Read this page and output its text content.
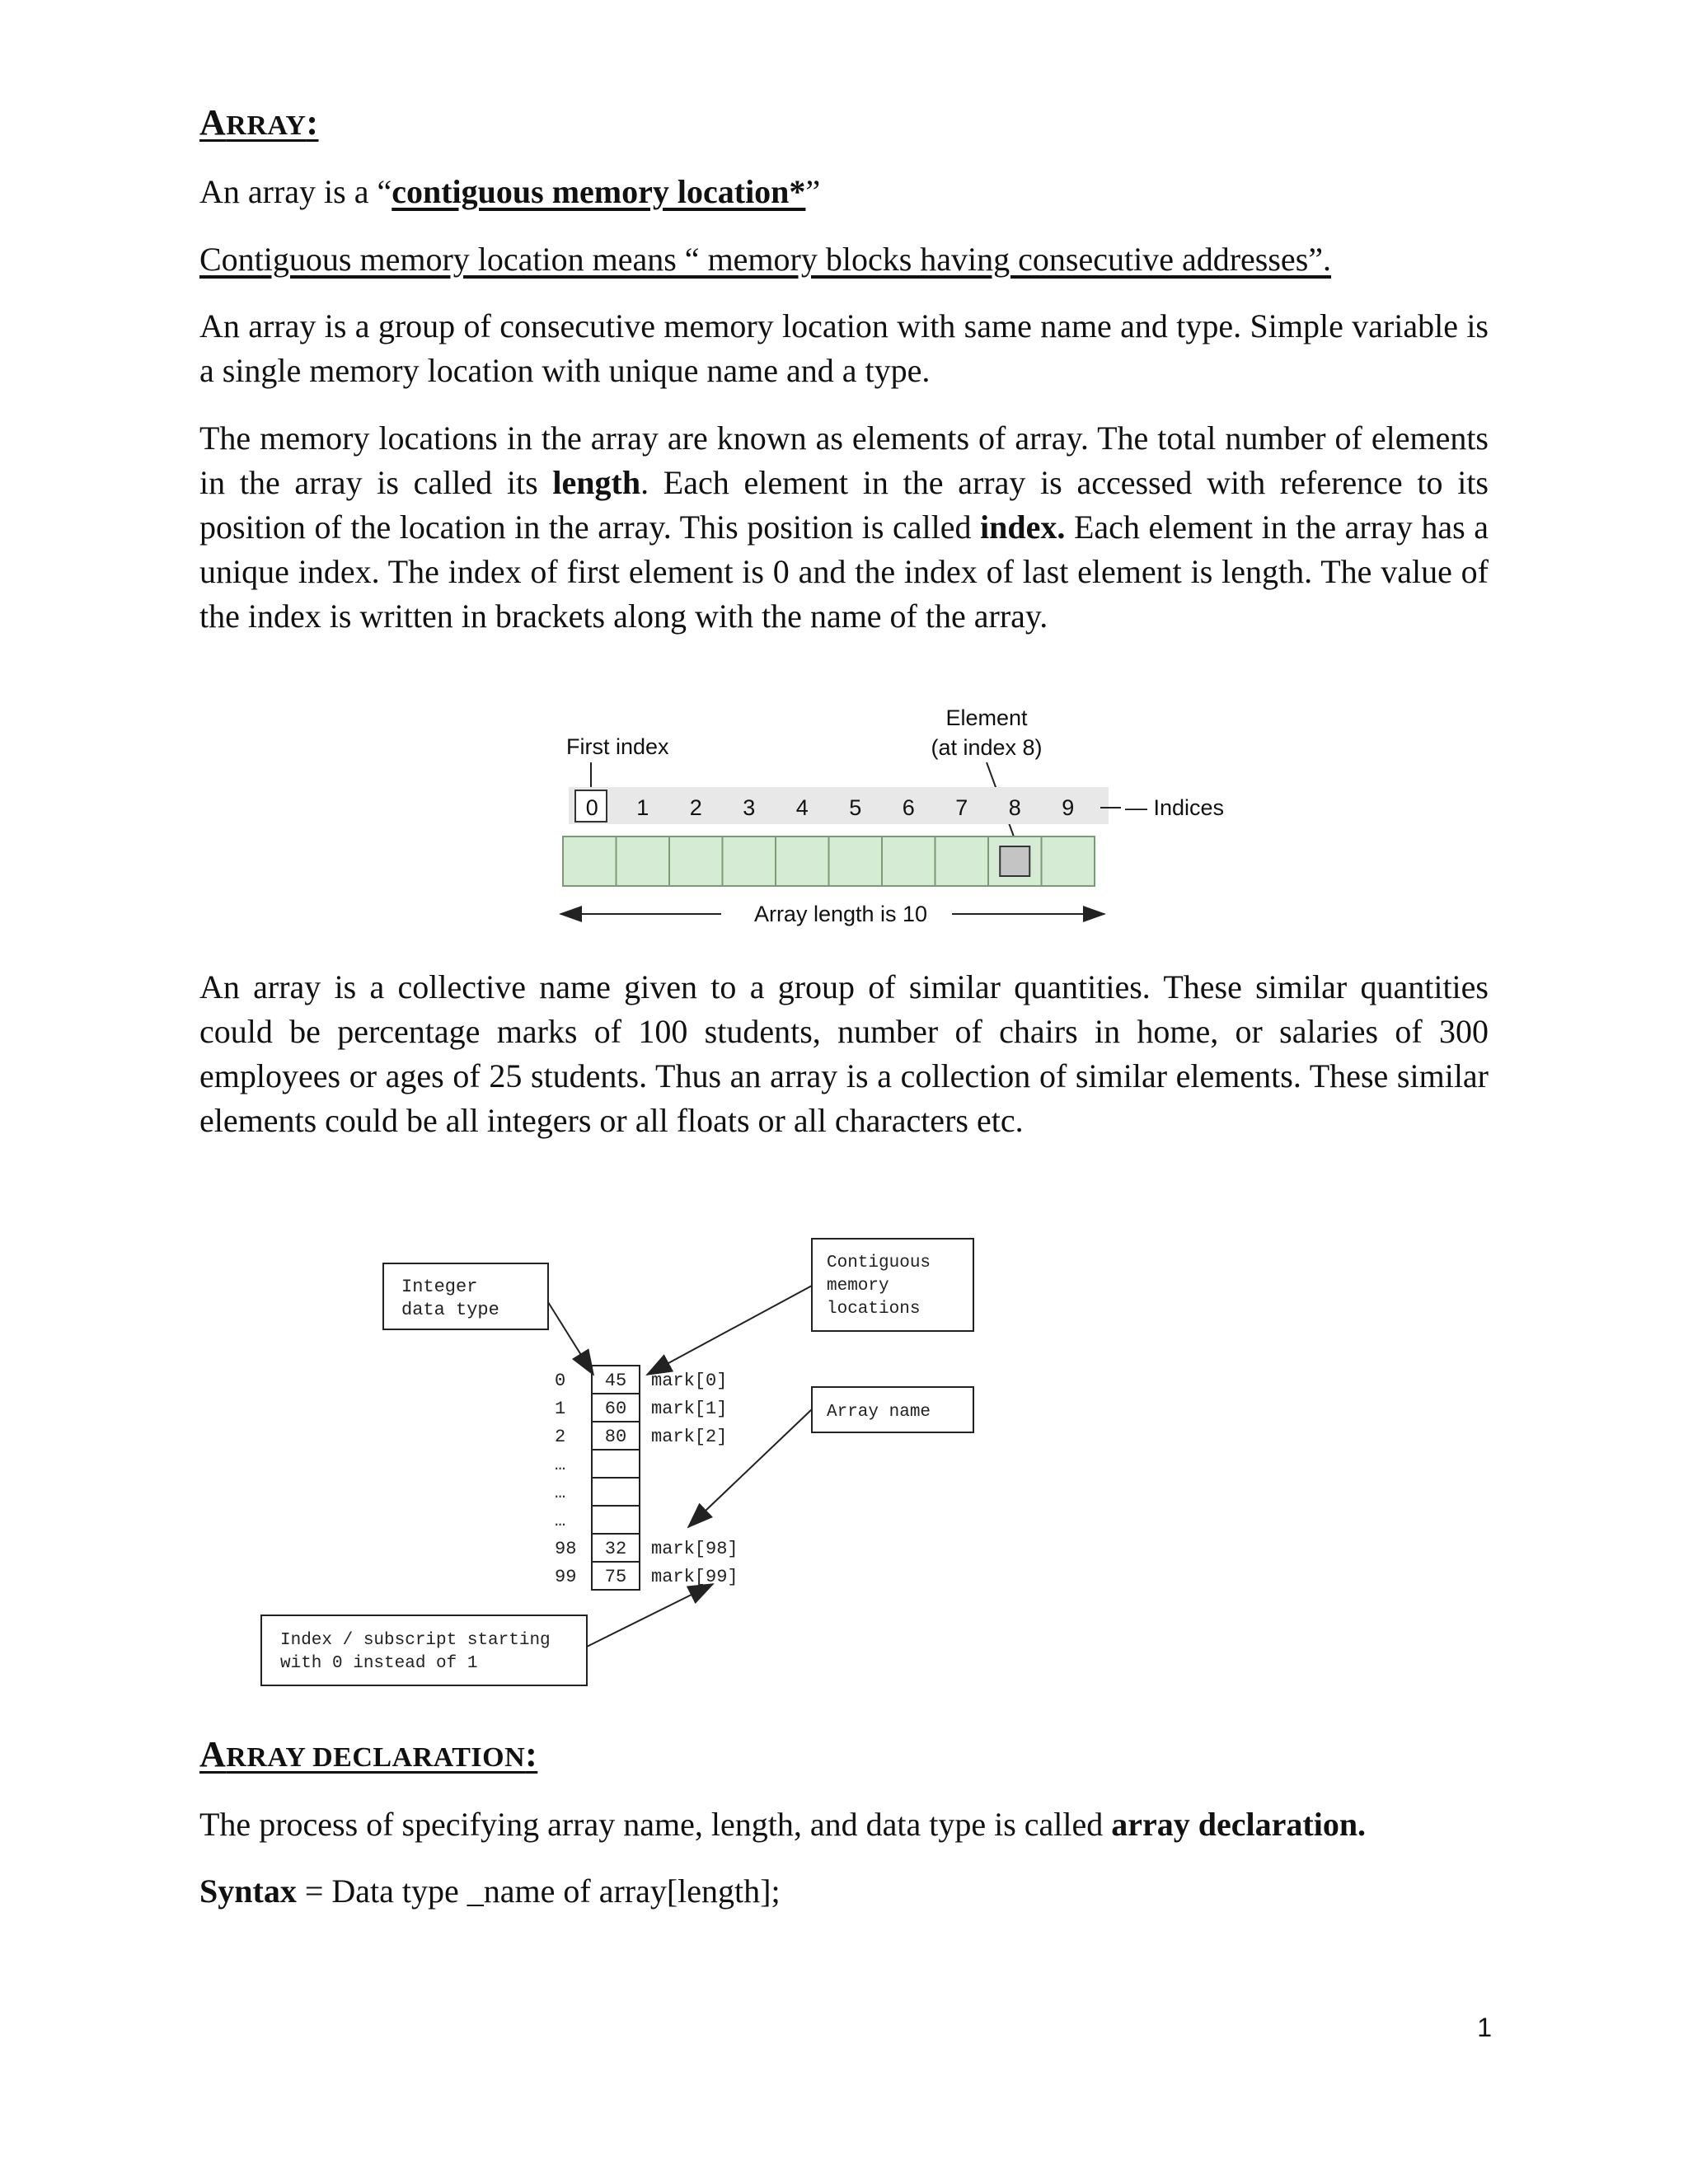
ARRAY:

An array is a “contiguous memory location*”

Contiguous memory location means “ memory blocks having consecutive addresses”.

An array is a group of consecutive memory location with same name and type. Simple variable is a single memory location with unique name and a type.

The memory locations in the array are known as elements of array. The total number of elements in the array is called its length. Each element in the array is accessed with reference to its position of the location in the array. This position is called index. Each element in the array has a unique index. The index of first element is 0 and the index of last element is length. The value of the index is written in brackets along with the name of the array.

First index
Element
(at index 8)
0 1 2 3 4 5 6 7 8 9 — Indices
Array length is 10

An array is a collective name given to a group of similar quantities. These similar quantities could be percentage marks of 100 students, number of chairs in home, or salaries of 300 employees or ages of 25 students. Thus an array is a collection of similar elements. These similar elements could be all integers or all floats or all characters etc.

Integer
data type
Contiguous
memory
locations
Array name
Index / subscript starting
with 0 instead of 1
0 45 mark[0]
1 60 mark[1]
2 80 mark[2]
…
…
…
98 32 mark[98]
99 75 mark[99]

ARRAY DECLARATION:

The process of specifying array name, length, and data type is called array declaration.

Syntax = Data type _name of array[length];

1
